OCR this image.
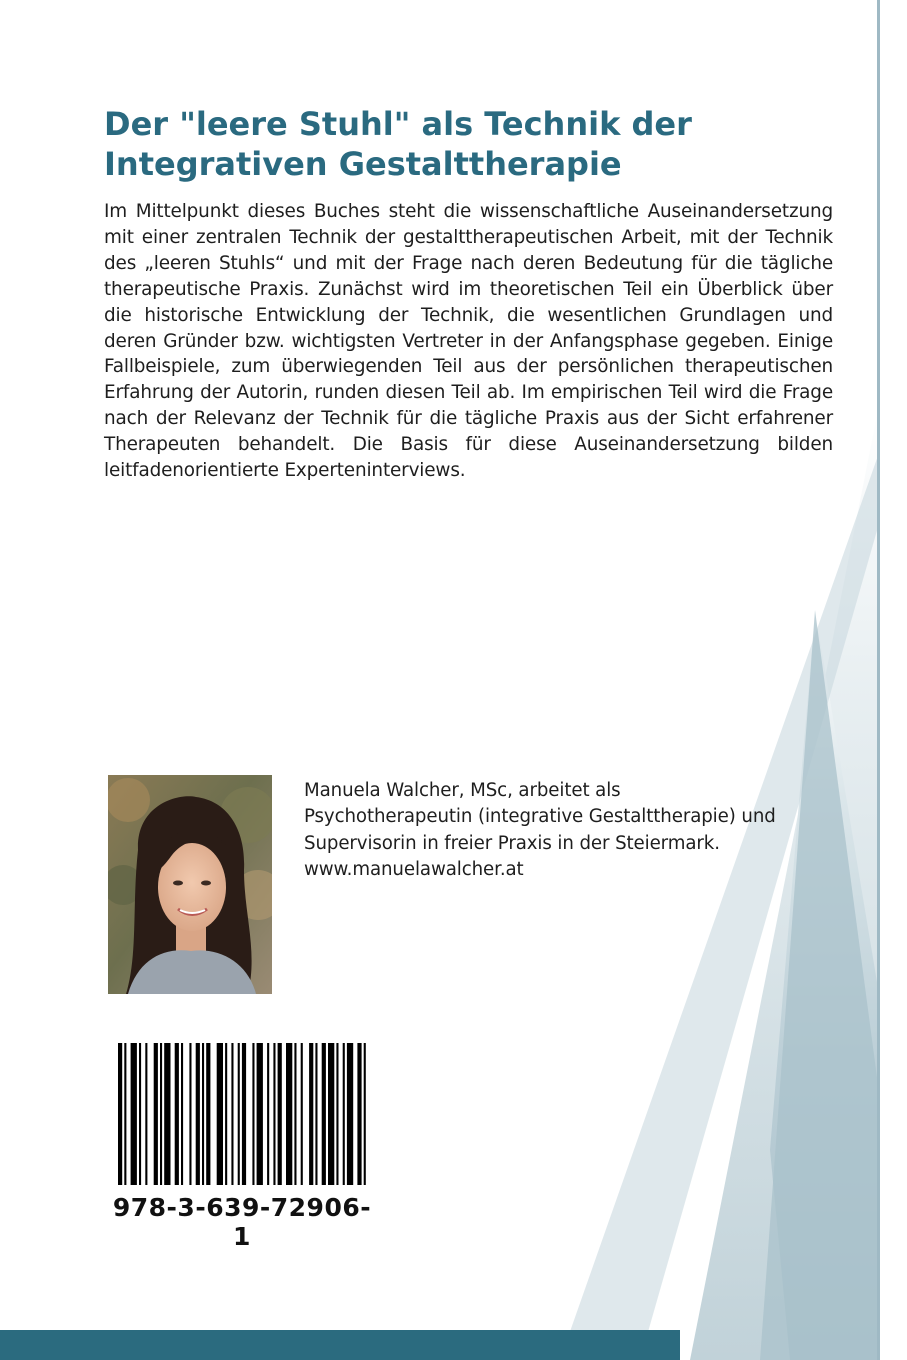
Der "leere Stuhl" als Technik der Integrativen Gestalttherapie

Im Mittelpunkt dieses Buches steht die wissenschaftliche Auseinandersetzung mit einer zentralen Technik der gestalttherapeutischen Arbeit, mit der Technik des „leeren Stuhls“ und mit der Frage nach deren Bedeutung für die tägliche therapeutische Praxis. Zunächst wird im theoretischen Teil ein Überblick über die historische Entwicklung der Technik, die wesentlichen Grundlagen und deren Gründer bzw. wichtigsten Vertreter in der Anfangsphase gegeben. Einige Fallbeispiele, zum überwiegenden Teil aus der persönlichen therapeutischen Erfahrung der Autorin, runden diesen Teil ab. Im empirischen Teil wird die Frage nach der Relevanz der Technik für die tägliche Praxis aus der Sicht erfahrener Therapeuten behandelt. Die Basis für diese Auseinandersetzung bilden leitfadenorientierte Experteninterviews.

Manuela Walcher, MSc, arbeitet als
Psychotherapeutin (integrative Gestalttherapie) und
Supervisorin in freier Praxis in der Steiermark.
www.manuelawalcher.at
978-3-639-72906-1
